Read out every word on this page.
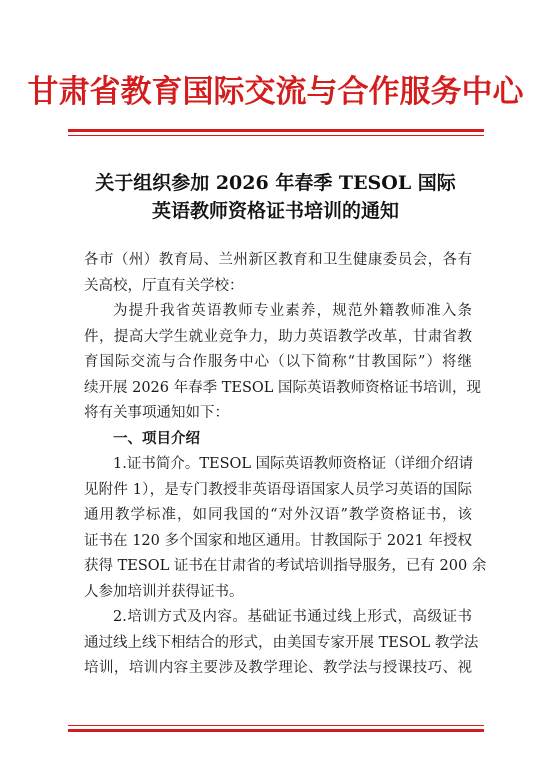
甘肃省教育国际交流与合作服务中心
关于组织参加 2026 年春季 TESOL 国际
英语教师资格证书培训的通知
各市（州）教育局、兰州新区教育和卫生健康委员会，各有
关高校，厅直有关学校：
为提升我省英语教师专业素养，规范外籍教师准入条
件，提高大学生就业竞争力，助力英语教学改革，甘肃省教
育国际交流与合作服务中心（以下简称“甘教国际”）将继
续开展 2026 年春季 TESOL 国际英语教师资格证书培训，现
将有关事项通知如下：
一、项目介绍
1.证书简介。TESOL 国际英语教师资格证（详细介绍请
见附件 1），是专门教授非英语母语国家人员学习英语的国际
通用教学标准，如同我国的“对外汉语”教学资格证书，该
证书在 120 多个国家和地区通用。甘教国际于 2021 年授权
获得 TESOL 证书在甘肃省的考试培训指导服务，已有 200 余
人参加培训并获得证书。
2.培训方式及内容。基础证书通过线上形式，高级证书
通过线上线下相结合的形式，由美国专家开展 TESOL 教学法
培训，培训内容主要涉及教学理论、教学法与授课技巧、视
